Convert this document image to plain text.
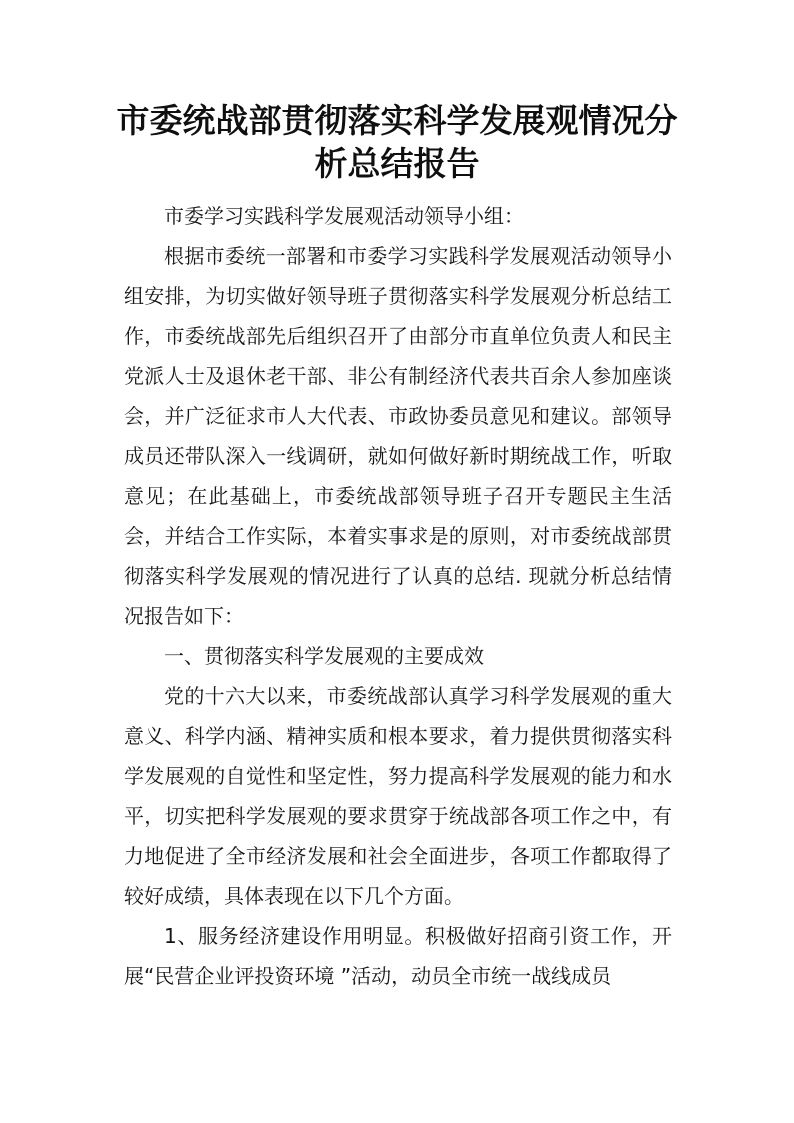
市委统战部贯彻落实科学发展观情况分
析总结报告

市委学习实践科学发展观活动领导小组：

根据市委统一部署和市委学习实践科学发展观活动领导小组安排，为切实做好领导班子贯彻落实科学发展观分析总结工作，市委统战部先后组织召开了由部分市直单位负责人和民主党派人士及退休老干部、非公有制经济代表共百余人参加座谈会，并广泛征求市人大代表、市政协委员意见和建议。部领导成员还带队深入一线调研，就如何做好新时期统战工作，听取意见；在此基础上，市委统战部领导班子召开专题民主生活会，并结合工作实际，本着实事求是的原则，对市委统战部贯彻落实科学发展观的情况进行了认真的总结. 现就分析总结情况报告如下：

一、贯彻落实科学发展观的主要成效

党的十六大以来，市委统战部认真学习科学发展观的重大意义、科学内涵、精神实质和根本要求，着力提供贯彻落实科学发展观的自觉性和坚定性，努力提高科学发展观的能力和水平，切实把科学发展观的要求贯穿于统战部各项工作之中，有力地促进了全市经济发展和社会全面进步，各项工作都取得了较好成绩，具体表现在以下几个方面。

1、服务经济建设作用明显。积极做好招商引资工作，开展“民营企业评投资环境 ”活动，动员全市统一战线成员
